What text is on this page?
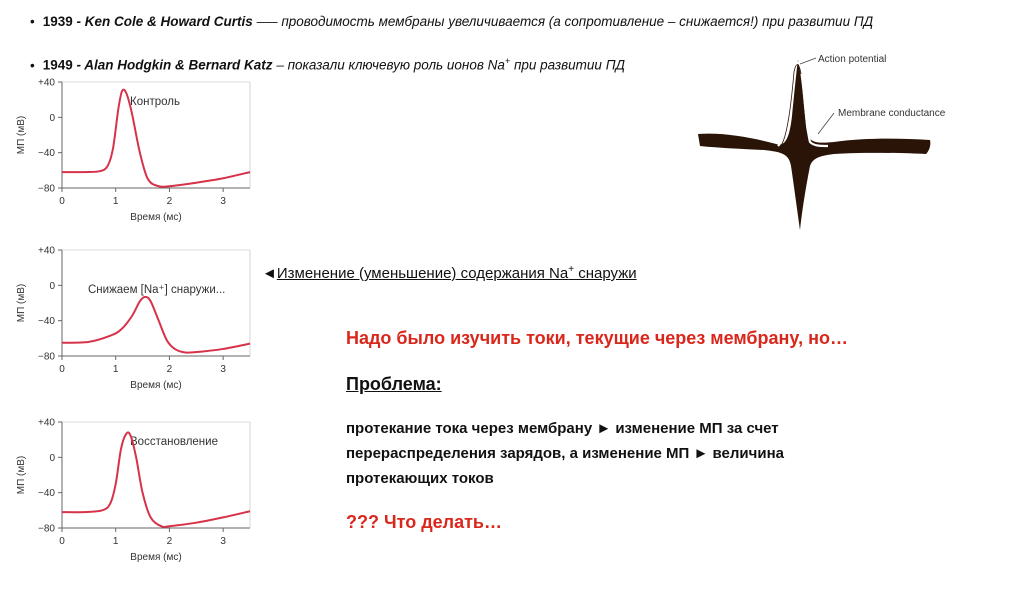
• 1939 - Ken Cole & Howard Curtis –— проводимость мембраны увеличивается (а сопротивление – снижается!) при развитии ПД
• 1949 - Alan Hodgkin & Bernard Katz – показали ключевую роль ионов Na+ при развитии ПД
+40
0
−40
−80
0	1	2	3
Время (мс)
МП (мВ)
Контроль
+40
0
−40
−80
0	1	2	3
Время (мс)
МП (мВ)	Снижаем [Na⁺] снаружи...
+40
0
−40
−80
0	1	2	3
Время (мс)
МП (мВ)
Восстановление
◄Изменение (уменьшение) содержания Na+ снаружи
Action potential
Membrane conductance
Надо было изучить токи, текущие через мембрану, но…
Проблема:
протекание тока через мембрану ► изменение МП за счет
перераспределения зарядов, а изменение МП ► величина
протекающих токов
??? Что делать…
